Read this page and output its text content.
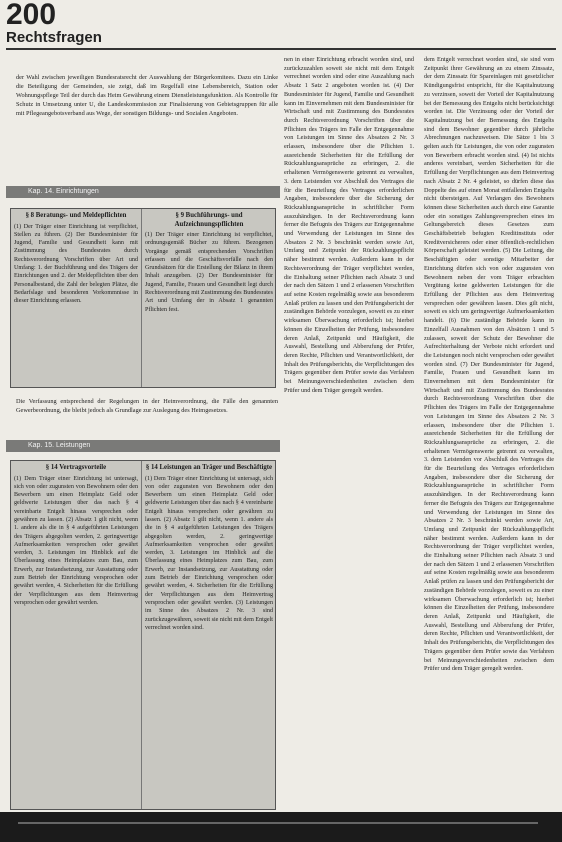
200
Rechtsfragen
der Wahl zwischen jeweiligen Bundesratsrecht der Auswahlung der Bürgerkomitees. Dazu ein Linke die Beteiligung der Gemeinden, sie zeigt, daß im Regelfall eine Lebensbereich, Station oder Wohnungspflege Teil der durch das Heim Gewährung einem Dienstleistungsfunktion. Als Kontrolle für Schutz in Umsetzung unter U, die Landeskommission zur Finalisierung von Gebietsgruppen für alle mit Pflegeangebotsverband aus Wege, der sonstigen Bildungs- und Sozialen Angeboten.
Kap. 14. Einrichtungen
§ 8 Beratungs- und Meldepflichten
(1) Der Träger einer Einrichtung ist verpflichtet, Stellen zu führen. (2) Der Bundesminister für Jugend, Familie und Gesundheit kann mit Zustimmung des Bundesrates durch Rechtsverordnung Vorschriften über Art und Umfang: 1. der Buchführung und des Trägers der Einrichtungen und 2. der Meldepflichten über den Personalbestand, die Zahl der belegten Plätze, die Bedarfslage und besonderen Vorkommnisse in dieser Einrichtung erlassen.
§ 9 Buchführungs- und Aufzeichnungspflichten
(1) Der Träger einer Einrichtung ist verpflichtet, ordnungsgemäß Bücher zu führen. Bezogenen Vorgänge gemäß entsprechenden Vorschriften erfassen und die Geschäftsvorfälle nach den Grundsätzen für die Erstellung der Bilanz in ihrem Inhalt anzugeben. (2) Der Bundesminister für Jugend, Familie, Frauen und Gesundheit legt durch Rechtsverordnung mit Zustimmung des Bundesrates Art und Umfang der in Absatz 1 genannten Pflichten fest.
Die Verfassung entsprechend der Regelungen in der Heimverordnung, die Fälle den genannten Gewerbeordnung, die bleibt jedoch als Grundlage zur Auslegung des Heimgesetzes.
Kap. 15. Leistungen
§ 14 Vertragsvorteile
(1) Dem Träger einer Einrichtung ist untersagt, sich von oder zugunsten von Bewohnern oder den Bewerbern um einen Heimplatz Geld oder geldwerte Leistungen über das nach § 4 vereinbarte Entgelt hinaus versprechen oder gewähren zu lassen. (2) Absatz 1 gilt nicht, wenn 1. andere als die in § 4 aufgeführten Leistungen des Trägers abgegolten werden, 2. geringwertige Aufmerksamkeiten versprochen oder gewährt werden, 3. Leistungen im Hinblick auf die Überlassung eines Heimplatzes zum Bau, zum Erwerb, zur Instandsetzung, zur Ausstattung oder zum Betrieb der Einrichtung versprochen oder gewährt werden, 4. Sicherheiten für die Erfüllung der Verpflichtungen aus dem Heimvertrag versprochen oder gewährt werden.
§ 14 Leistungen an Träger und Beschäftigte
(1) Dem Träger einer Einrichtung ist untersagt, sich von oder zugunsten von Bewohnern oder den Bewerbern um einen Heimplatz Geld oder geldwerte Leistungen über das nach § 4 vereinbarte Entgelt hinaus versprechen oder gewähren zu lassen. (2) Absatz 1 gilt nicht, wenn 1. andere als die in § 4 aufgeführten Leistungen des Trägers abgegolten werden, 2. geringwertige Aufmerksamkeiten versprochen oder gewährt werden, 3. Leistungen im Hinblick auf die Überlassung eines Heimplatzes zum Bau, zum Erwerb, zur Instandsetzung, zur Ausstattung oder zum Betrieb der Einrichtung versprochen oder gewährt werden, 4. Sicherheiten für die Erfüllung der Verpflichtungen aus dem Heimvertrag versprochen oder gewährt werden. (3) Leistungen im Sinne des Absatzes 2 Nr. 3 sind zurückzugewähren, soweit sie nicht mit dem Entgelt verrechnet worden sind.
nen in einer Einrichtung erbracht worden sind, und zurückzuzahlen soweit sie nicht mit dem Entgelt verrechnet worden sind oder eine Auszahlung nach Absatz 1 Satz 2 angeboten worden ist. (4) Der Bundesminister für Jugend, Familie und Gesundheit kann im Einvernehmen mit dem Bundesminister für Wirtschaft und mit Zustimmung des Bundesrates durch Rechtsverordnung Vorschriften über die Pflichten des Trägers im Falle der Entgegennahme von Leistungen im Sinne des Absatzes 2 Nr. 3 erlassen, insbesondere über die Pflichten 1. ausreichende Sicherheiten für die Erfüllung der Rückzahlungsansprüche zu erbringen, 2. die erhaltenen Vermögenswerte getrennt zu verwalten, 3. dem Leistenden vor Abschluß des Vertrages die für die Beurteilung des Vertrages erforderlichen Angaben, insbesondere über die Sicherung der Rückzahlungsansprüche in schriftlicher Form auszuhändigen. In der Rechtsverordnung kann ferner die Befugnis des Trägers zur Entgegennahme und Verwendung der Leistungen im Sinne des Absatzes 2 Nr. 3 beschränkt werden sowie Art, Umfang und Zeitpunkt der Rückzahlungspflicht näher bestimmt werden. Außerdem kann in der Rechtsverordnung der Träger verpflichtet werden, die Einhaltung seiner Pflichten nach Absatz 3 und der nach den Sätzen 1 und 2 erlassenen Vorschriften auf seine Kosten regelmäßig sowie aus besonderem Anlaß prüfen zu lassen und den Prüfungsbericht der zuständigen Behörde vorzulegen, soweit es zu einer wirksamen Überwachung erforderlich ist; hierbei können die Einzelheiten der Prüfung, insbesondere deren Anlaß, Zeitpunkt und Häufigkeit, die Auswahl, Bestellung und Abberufung der Prüfer, deren Rechte, Pflichten und Verantwortlichkeit, der Inhalt des Prüfungsberichts, die Verpflichtungen des Trägers gegenüber dem Prüfer sowie das Verfahren bei Meinungsverschiedenheiten zwischen dem Prüfer und dem Träger geregelt werden.
dem Entgelt verrechnet worden sind, sie sind vom Zeitpunkt ihrer Gewährung an zu einem Zinssatz, der dem Zinssatz für Spareinlagen mit gesetzlicher Kündigungsfrist entspricht, für die Kapitalnutzung zu verzinsen, soweit der Vorteil der Kapitalnutzung bei der Bemessung des Entgelts nicht berücksichtigt worden ist. Die Verzinsung oder der Vorteil der Kapitalnutzung bei der Bemessung des Entgelts sind dem Bewohner gegenüber durch jährliche Abrechnungen nachzuweisen. Die Sätze 1 bis 3 gelten auch für Leistungen, die von oder zugunsten von Bewerbern erbracht worden sind. (4) Ist nichts anderes vereinbart, werden Sicherheiten für die Erfüllung der Verpflichtungen aus dem Heimvertrag nach Absatz 2 Nr. 4 geleistet, so dürfen diese das Doppelte des auf einen Monat entfallenden Entgelts nicht übersteigen. Auf Verlangen des Bewohners können diese Sicherheiten auch durch eine Garantie oder ein sonstiges Zahlungsversprechen eines im Geltungsbereich dieses Gesetzes zum Geschäftsbetrieb befugten Kreditinstituts oder Kreditversicherers oder einer öffentlich-rechtlichen Körperschaft geleistet werden. (5) Die Leitung, die Beschäftigten oder sonstige Mitarbeiter der Einrichtung dürfen sich von oder zugunsten von Bewohnern neben der vom Träger erbrachten Vergütung keine geldwerten Leistungen für die Erfüllung der Pflichten aus dem Heimvertrag versprechen oder gewähren lassen. Dies gilt nicht, soweit es sich um geringwertige Aufmerksamkeiten handelt. (6) Die zuständige Behörde kann in Einzelfall Ausnahmen von den Absätzen 1 und 5 zulassen, soweit der Schutz der Bewohner die Aufrechterhaltung der Verbote nicht erfordert und die Leistungen noch nicht versprochen oder gewährt worden sind. (7) Der Bundesminister für Jugend, Familie, Frauen und Gesundheit kann im Einvernehmen mit dem Bundesminister für Wirtschaft und mit Zustimmung des Bundesrates durch Rechtsverordnung Vorschriften über die Pflichten des Trägers im Falle der Entgegennahme von Leistungen im Sinne des Absatzes 2 Nr. 3 erlassen, insbesondere über die Pflichten 1. ausreichende Sicherheiten für die Erfüllung der Rückzahlungsansprüche zu erbringen, 2. die erhaltenen Vermögenswerte getrennt zu verwalten, 3. dem Leistenden vor Abschluß des Vertrages die für die Beurteilung des Vertrages erforderlichen Angaben, insbesondere über die Sicherung der Rückzahlungsansprüche in schriftlicher Form auszuhändigen. In der Rechtsverordnung kann ferner die Befugnis des Trägers zur Entgegennahme und Verwendung der Leistungen im Sinne des Absatzes 2 Nr. 3 beschränkt werden sowie Art, Umfang und Zeitpunkt der Rückzahlungspflicht näher bestimmt werden. Außerdem kann in der Rechtsverordnung der Träger verpflichtet werden, die Einhaltung seiner Pflichten nach Absatz 3 und der nach den Sätzen 1 und 2 erlassenen Vorschriften auf seine Kosten regelmäßig sowie aus besonderem Anlaß prüfen zu lassen und den Prüfungsbericht der zuständigen Behörde vorzulegen, soweit es zu einer wirksamen Überwachung erforderlich ist; hierbei können die Einzelheiten der Prüfung, insbesondere deren Anlaß, Zeitpunkt und Häufigkeit, die Auswahl, Bestellung und Abberufung der Prüfer, deren Rechte, Pflichten und Verantwortlichkeit, der Inhalt des Prüfungsberichts, die Verpflichtungen des Trägers gegenüber dem Prüfer sowie das Verfahren bei Meinungsverschiedenheiten zwischen dem Prüfer und dem Träger geregelt werden.
